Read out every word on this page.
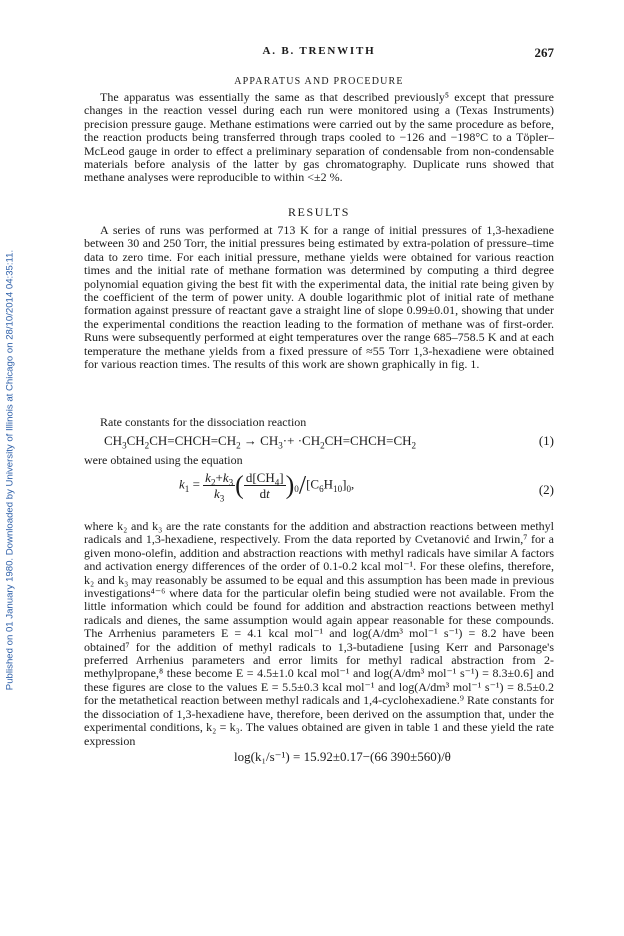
Published on 01 January 1980. Downloaded by University of Illinois at Chicago on 28/10/2014 04:35:11.
A. B. TRENWITH	267
APPARATUS AND PROCEDURE
The apparatus was essentially the same as that described previously⁵ except that pressure changes in the reaction vessel during each run were monitored using a (Texas Instruments) precision pressure gauge. Methane estimations were carried out by the same procedure as before, the reaction products being transferred through traps cooled to −126 and −198°C to a Töpler–McLeod gauge in order to effect a preliminary separation of condensable from non-condensable materials before analysis of the latter by gas chromatography. Duplicate runs showed that methane analyses were reproducible to within <±2 %.
RESULTS
A series of runs was performed at 713 K for a range of initial pressures of 1,3-hexadiene between 30 and 250 Torr, the initial pressures being estimated by extra-polation of pressure–time data to zero time. For each initial pressure, methane yields were obtained for various reaction times and the initial rate of methane formation was determined by computing a third degree polynomial equation giving the best fit with the experimental data, the initial rate being given by the coefficient of the term of power unity. A double logarithmic plot of initial rate of methane formation against pressure of reactant gave a straight line of slope 0.99±0.01, showing that under the experimental conditions the reaction leading to the formation of methane was of first-order. Runs were subsequently performed at eight temperatures over the range 685–758.5 K and at each temperature the methane yields from a fixed pressure of ≈55 Torr 1,3-hexadiene were obtained for various reaction times. The results of this work are shown graphically in fig. 1.
Rate constants for the dissociation reaction
$CH_3CH_2CH=CHCH=CH_2 \to CH_3\cdot+$ $\cdot CH_2CH=CHCH=CH_2$	(1)
were obtained using the equation
$k_1 = \frac{k_2+k_3}{k_3}$ ( $\frac{d[CH_4]}{dt} )_0/[C_6H_{10}]_0$,	(2)
where k₂ and k₃ are the rate constants for the addition and abstraction reactions between methyl radicals and 1,3-hexadiene, respectively. From the data reported by Cvetanović and Irwin,⁷ for a given mono-olefin, addition and abstraction reactions with methyl radicals have similar A factors and activation energy differences of the order of 0.1-0.2 kcal mol⁻¹. For these olefins, therefore, k₂ and k₃ may reasonably be assumed to be equal and this assumption has been made in previous investigations⁴⁻⁶ where data for the particular olefin being studied were not available. From the little information which could be found for addition and abstraction reactions between methyl radicals and dienes, the same assumption would again appear reasonable for these compounds. The Arrhenius parameters E = 4.1 kcal mol⁻¹ and log(A/dm³ mol⁻¹ s⁻¹) = 8.2 have been obtained⁷ for the addition of methyl radicals to 1,3-butadiene [using Kerr and Parsonage's preferred Arrhenius parameters and error limits for methyl radical abstraction from 2-methylpropane,⁸ these become E = 4.5±1.0 kcal mol⁻¹ and log(A/dm³ mol⁻¹ s⁻¹) = 8.3±0.6] and these figures are close to the values E = 5.5±0.3 kcal mol⁻¹ and log(A/dm³ mol⁻¹ s⁻¹) = 8.5±0.2 for the metathetical reaction between methyl radicals and 1,4-cyclohexadiene.⁹ Rate constants for the dissociation of 1,3-hexadiene have, therefore, been derived on the assumption that, under the experimental conditions, k₂ = k₃. The values obtained are given in table 1 and these yield the rate expression
log(k₁/s⁻¹) = 15.92±0.17−(66 390±560)/θ
